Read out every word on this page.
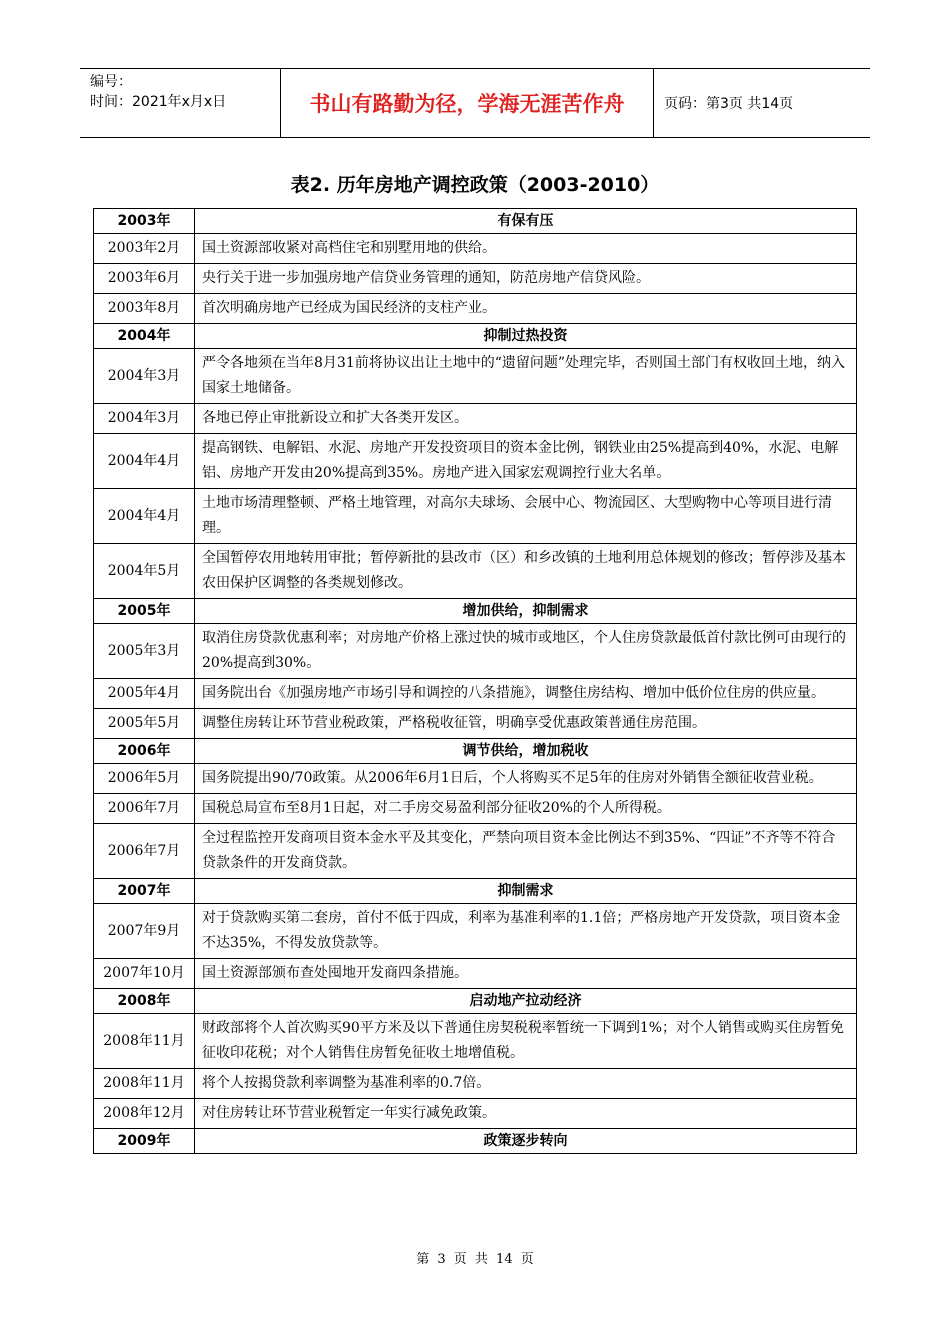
编号：
时间：2021年x月x日	书山有路勤为径，学海无涯苦作舟	页码：第3页 共14页
表2. 历年房地产调控政策（2003-2010）
2003年	有保有压
2003年2月	国土资源部收紧对高档住宅和别墅用地的供给。
2003年6月	央行关于进一步加强房地产信贷业务管理的通知，防范房地产信贷风险。
2003年8月	首次明确房地产已经成为国民经济的支柱产业。
2004年	抑制过热投资
2004年3月	严令各地须在当年8月31前将协议出让土地中的“遗留问题”处理完毕，否则国土部门有权收回土地，纳入国家土地储备。
2004年3月	各地已停止审批新设立和扩大各类开发区。
2004年4月	提高钢铁、电解铝、水泥、房地产开发投资项目的资本金比例，钢铁业由25%提高到40%，水泥、电解铝、房地产开发由20%提高到35%。房地产进入国家宏观调控行业大名单。
2004年4月	土地市场清理整顿、严格土地管理，对高尔夫球场、会展中心、物流园区、大型购物中心等项目进行清理。
2004年5月	全国暂停农用地转用审批；暂停新批的县改市（区）和乡改镇的土地利用总体规划的修改；暂停涉及基本农田保护区调整的各类规划修改。
2005年	增加供给，抑制需求
2005年3月	取消住房贷款优惠利率；对房地产价格上涨过快的城市或地区，个人住房贷款最低首付款比例可由现行的20%提高到30%。
2005年4月	国务院出台《加强房地产市场引导和调控的八条措施》，调整住房结构、增加中低价位住房的供应量。
2005年5月	调整住房转让环节营业税政策，严格税收征管，明确享受优惠政策普通住房范围。
2006年	调节供给，增加税收
2006年5月	国务院提出90/70政策。从2006年6月1日后，个人将购买不足5年的住房对外销售全额征收营业税。
2006年7月	国税总局宣布至8月1日起，对二手房交易盈利部分征收20%的个人所得税。
2006年7月	全过程监控开发商项目资本金水平及其变化，严禁向项目资本金比例达不到35%、“四证”不齐等不符合贷款条件的开发商贷款。
2007年	抑制需求
2007年9月	对于贷款购买第二套房，首付不低于四成，利率为基准利率的1.1倍；严格房地产开发贷款，项目资本金不达35%，不得发放贷款等。
2007年10月	国土资源部颁布查处囤地开发商四条措施。
2008年	启动地产拉动经济
2008年11月	财政部将个人首次购买90平方米及以下普通住房契税税率暂统一下调到1%；对个人销售或购买住房暂免征收印花税；对个人销售住房暂免征收土地增值税。
2008年11月	将个人按揭贷款利率调整为基准利率的0.7倍。
2008年12月	对住房转让环节营业税暂定一年实行减免政策。
2009年	政策逐步转向
第 3 页 共 14 页
